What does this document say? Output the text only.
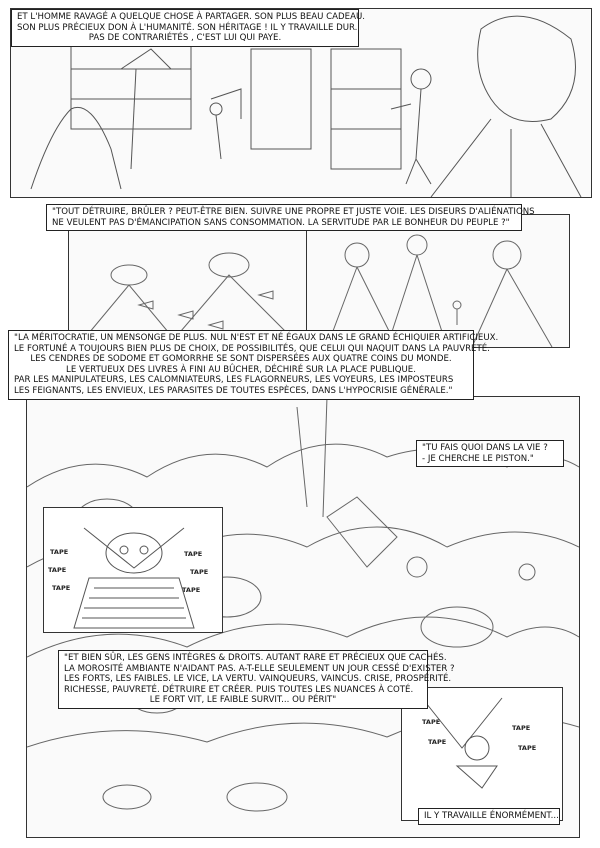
ET L'HOMME RAVAGÉ A QUELQUE CHOSE À PARTAGER. SON PLUS BEAU CADEAU.
SON PLUS PRÉCIEUX DON À L'HUMANITÉ. SON HÉRITAGE ! IL Y TRAVAILLE DUR.
PAS DE CONTRARIÉTÉS , C'EST LUI QUI PAYE.
"TOUT DÉTRUIRE, BRÛLER ? PEUT-ÊTRE BIEN. SUIVRE UNE PROPRE ET JUSTE VOIE. LES DISEURS D'ALIÉNATIONS
NE VEULENT PAS D'ÉMANCIPATION SANS CONSOMMATION. LA SERVITUDE PAR LE BONHEUR DU PEUPLE ?"
TAPE
TAPE
TAPE
TAPE
TAPE
TAPE
TAPE
TAPE
TAPE
TAPE
"LA MÉRITOCRATIE, UN MENSONGE DE PLUS. NUL N'EST ET NÉ ÉGAUX DANS LE GRAND ÉCHIQUIER ARTIFICIEUX.
LE FORTUNÉ A TOUJOURS BIEN PLUS DE CHOIX, DE POSSIBILITÉS, QUE CELUI QUI NAQUIT DANS LA PAUVRETÉ.
LES CENDRES DE SODOME ET GOMORRHE SE SONT DISPERSÉES AUX QUATRE COINS DU MONDE.
LE VERTUEUX DES LIVRES À FINI AU BÛCHER, DÉCHIRÉ SUR LA PLACE PUBLIQUE.
PAR LES MANIPULATEURS, LES CALOMNIATEURS, LES FLAGORNEURS, LES VOYEURS, LES IMPOSTEURS
LES FEIGNANTS, LES ENVIEUX, LES PARASITES DE TOUTES ESPÈCES, DANS L'HYPOCRISIE GÉNÉRALE."
"TU FAIS QUOI DANS LA VIE ?
- JE CHERCHE LE PISTON."
"ET BIEN SÛR, LES GENS INTÈGRES & DROITS. AUTANT RARE ET PRÉCIEUX QUE CACHÉS.
LA MOROSITÉ AMBIANTE N'AIDANT PAS. A-T-ELLE SEULEMENT UN JOUR CESSÉ D'EXISTER ?
LES FORTS, LES FAIBLES. LE VICE, LA VERTU. VAINQUEURS, VAINCUS. CRISE, PROSPÉRITÉ.
RICHESSE, PAUVRETÉ. DÉTRUIRE ET CRÉER. PUIS TOUTES LES NUANCES À COTÉ.
LE FORT VIT, LE FAIBLE SURVIT... OU PÉRIT"
IL Y TRAVAILLE ÉNORMÉMENT...
